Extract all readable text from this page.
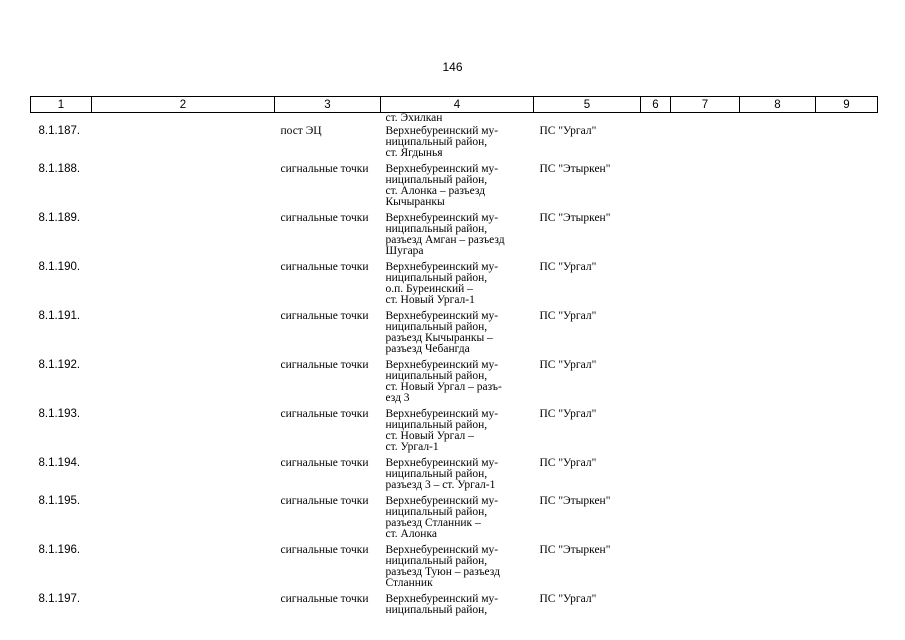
146
1	2	3	4	5	6	7	8	9

			ст. Эхилкан					

8.1.187.		пост ЭЦ	Верхнебуреинский му-
ниципальный район,
ст. Ягдынья	ПС "Ургал"				
8.1.188.		сигнальные точки	Верхнебуреинский му-
ниципальный район,
ст. Алонка – разъезд
Кычыранкы	ПС "Этыркен"				
8.1.189.		сигнальные точки	Верхнебуреинский му-
ниципальный район,
разъезд Амган – разъезд
Шугара	ПС "Этыркен"				
8.1.190.		сигнальные точки	Верхнебуреинский му-
ниципальный район,
о.п. Буреинский –
ст. Новый Ургал-1	ПС "Ургал"				
8.1.191.		сигнальные точки	Верхнебуреинский му-
ниципальный район,
разъезд Кычыранкы –
разъезд Чебангда	ПС "Ургал"				
8.1.192.		сигнальные точки	Верхнебуреинский му-
ниципальный район,
ст. Новый Ургал – разъ-
езд 3	ПС "Ургал"				
8.1.193.		сигнальные точки	Верхнебуреинский му-
ниципальный район,
ст. Новый Ургал –
ст. Ургал-1	ПС "Ургал"				
8.1.194.		сигнальные точки	Верхнебуреинский му-
ниципальный район,
разъезд 3 – ст. Ургал-1	ПС "Ургал"				
8.1.195.		сигнальные точки	Верхнебуреинский му-
ниципальный район,
разъезд Стланник –
ст. Алонка	ПС "Этыркен"				
8.1.196.		сигнальные точки	Верхнебуреинский му-
ниципальный район,
разъезд Туюн – разъезд
Стланник	ПС "Этыркен"				
8.1.197.		сигнальные точки	Верхнебуреинский му-
ниципальный район,	ПС "Ургал"				
